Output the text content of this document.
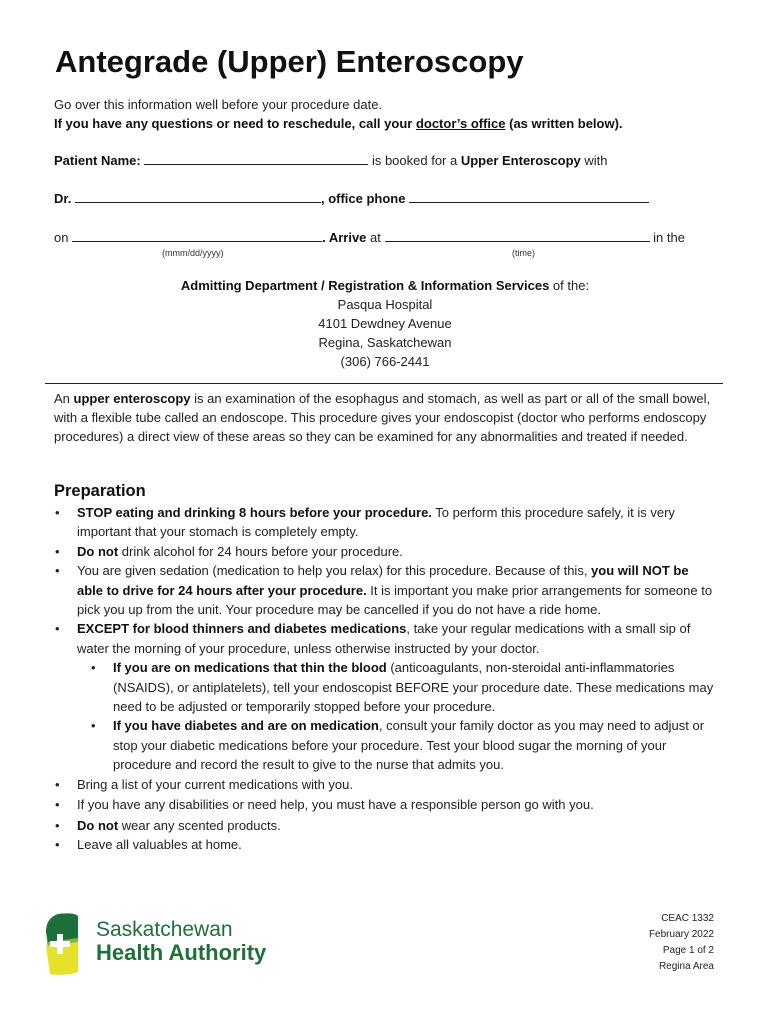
Antegrade (Upper) Enteroscopy
Go over this information well before your procedure date.
If you have any questions or need to reschedule, call your doctor’s office (as written below).
Patient Name:	is booked for a Upper Enteroscopy with
Dr.	, office phone
on	. Arrive at	in the
(mmm/dd/yyyy)	(time)
Admitting Department / Registration & Information Services of the:
Pasqua Hospital
4101 Dewdney Avenue
Regina, Saskatchewan
(306) 766-2441
An upper enteroscopy is an examination of the esophagus and stomach, as well as part or all of the small bowel, with a flexible tube called an endoscope. This procedure gives your endoscopist (doctor who performs endoscopy procedures) a direct view of these areas so they can be examined for any abnormalities and treated if needed.
Preparation
• STOP eating and drinking 8 hours before your procedure. To perform this procedure safely, it is very important that your stomach is completely empty.
• Do not drink alcohol for 24 hours before your procedure.
• You are given sedation (medication to help you relax) for this procedure. Because of this, you will NOT be able to drive for 24 hours after your procedure. It is important you make prior arrangements for someone to pick you up from the unit. Your procedure may be cancelled if you do not have a ride home.
• EXCEPT for blood thinners and diabetes medications, take your regular medications with a small sip of water the morning of your procedure, unless otherwise instructed by your doctor.
• If you are on medications that thin the blood (anticoagulants, non-steroidal anti-inflammatories (NSAIDS), or antiplatelets), tell your endoscopist BEFORE your procedure date. These medications may need to be adjusted or temporarily stopped before your procedure.
• If you have diabetes and are on medication, consult your family doctor as you may need to adjust or stop your diabetic medications before your procedure. Test your blood sugar the morning of your procedure and record the result to give to the nurse that admits you.
• Bring a list of your current medications with you.
• If you have any disabilities or need help, you must have a responsible person go with you.
• Do not wear any scented products.
• Leave all valuables at home.
Saskatchewan
Health Authority
CEAC 1332
February 2022
Page 1 of 2
Regina Area
